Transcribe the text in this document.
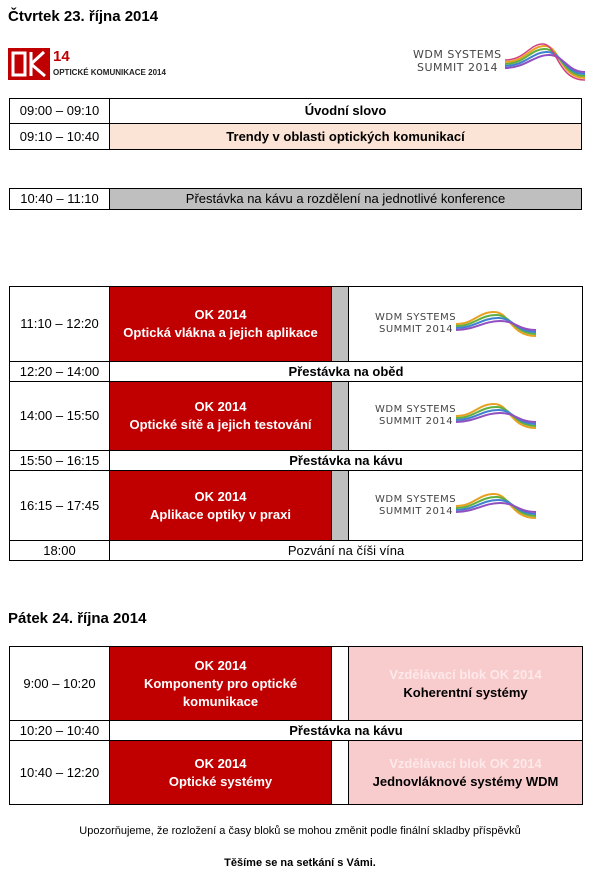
Čtvrtek 23. října 2014
14
OPTICKÉ KOMUNIKACE 2014
WDM SYSTEMS
SUMMIT 2014
09:00 – 09:10	Úvodní slovo
09:10 – 10:40	Trendy v oblasti optických komunikací
10:40 – 11:10	Přestávka na kávu a rozdělení na jednotlivé konference
11:10 – 12:20	OK 2014
Optická vlákna a jejich aplikace		WDM SYSTEMS
SUMMIT 2014

12:20 – 14:00	Přestávka na oběd		
14:00 – 15:50	OK 2014
Optické sítě a jejich testování		WDM SYSTEMS
SUMMIT 2014

15:50 – 16:15	Přestávka na kávu		
16:15 – 17:45	OK 2014
Aplikace optiky v praxi		WDM SYSTEMS
SUMMIT 2014

18:00	Pozvání na číši vína		
Pátek 24. října 2014
9:00 – 10:20	OK 2014
Komponenty pro optické komunikace		Vzdělávací blok OK 2014
Koherentní systémy

10:20 – 10:40	Přestávka na kávu		
10:40 – 12:20	OK 2014
Optické systémy		Vzdělávací blok OK 2014
Jednovláknové systémy WDM
Upozorňujeme, že rozložení a časy bloků se mohou změnit podle finální skladby příspěvků
Těšíme se na setkání s Vámi.
